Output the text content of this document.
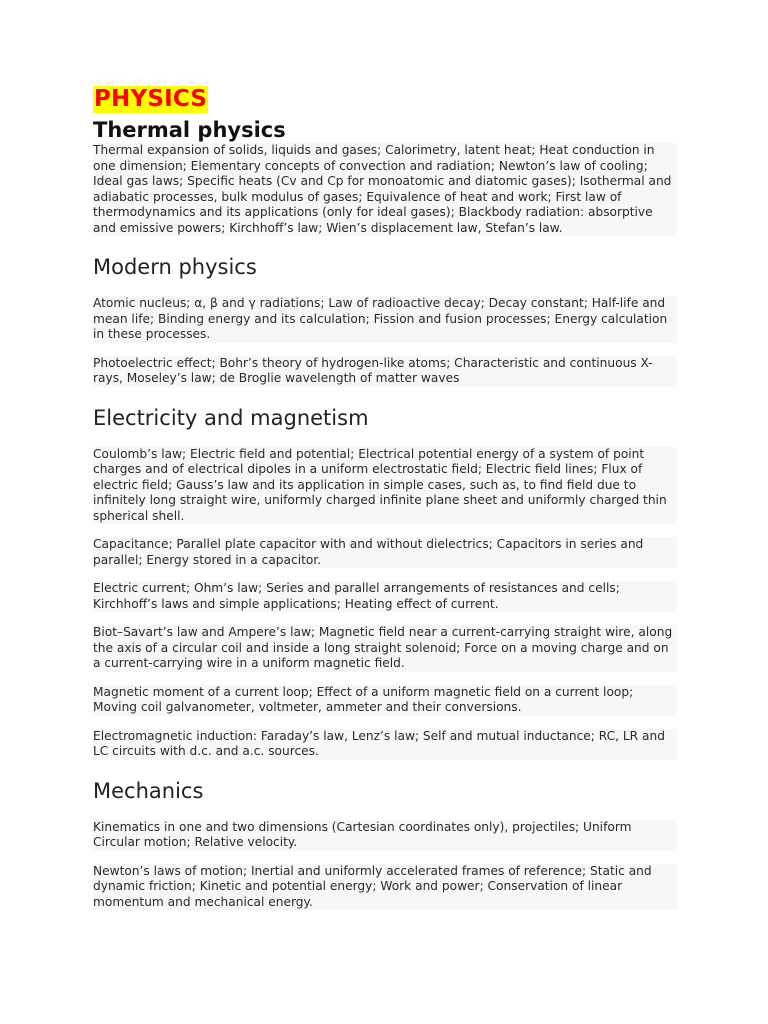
PHYSICS
Thermal physics

Thermal expansion of solids, liquids and gases; Calorimetry, latent heat; Heat conduction in one dimension; Elementary concepts of convection and radiation; Newton’s law of cooling; Ideal gas laws; Specific heats (Cv and Cp for monoatomic and diatomic gases); Isothermal and adiabatic processes, bulk modulus of gases; Equivalence of heat and work; First law of thermodynamics and its applications (only for ideal gases); Blackbody radiation: absorptive and emissive powers; Kirchhoff’s law; Wien’s displacement law, Stefan’s law.

Modern physics

Atomic nucleus; α, β and γ radiations; Law of radioactive decay; Decay constant; Half-life and mean life; Binding energy and its calculation; Fission and fusion processes; Energy calculation in these processes.

Photoelectric effect; Bohr’s theory of hydrogen-like atoms; Characteristic and continuous X-rays, Moseley’s law; de Broglie wavelength of matter waves

Electricity and magnetism

Coulomb’s law; Electric field and potential; Electrical potential energy of a system of point charges and of electrical dipoles in a uniform electrostatic field; Electric field lines; Flux of electric field; Gauss’s law and its application in simple cases, such as, to find field due to infinitely long straight wire, uniformly charged infinite plane sheet and uniformly charged thin spherical shell.

Capacitance; Parallel plate capacitor with and without dielectrics; Capacitors in series and parallel; Energy stored in a capacitor.

Electric current; Ohm’s law; Series and parallel arrangements of resistances and cells; Kirchhoff’s laws and simple applications; Heating effect of current.

Biot–Savart’s law and Ampere’s law; Magnetic field near a current-carrying straight wire, along the axis of a circular coil and inside a long straight solenoid; Force on a moving charge and on a current-carrying wire in a uniform magnetic field.

Magnetic moment of a current loop; Effect of a uniform magnetic field on a current loop; Moving coil galvanometer, voltmeter, ammeter and their conversions.

Electromagnetic induction: Faraday’s law, Lenz’s law; Self and mutual inductance; RC, LR and LC circuits with d.c. and a.c. sources.

Mechanics

Kinematics in one and two dimensions (Cartesian coordinates only), projectiles; Uniform Circular motion; Relative velocity.

Newton’s laws of motion; Inertial and uniformly accelerated frames of reference; Static and dynamic friction; Kinetic and potential energy; Work and power; Conservation of linear momentum and mechanical energy.
